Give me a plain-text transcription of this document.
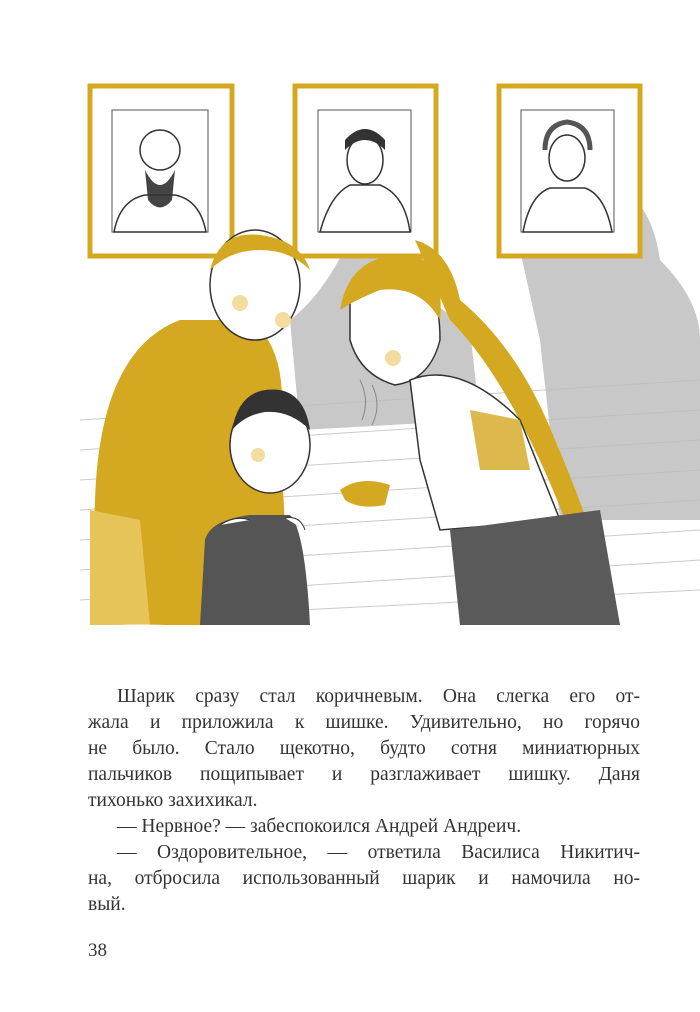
Шарик сразу стал коричневым. Она слегка его от-
жала и приложила к шишке. Удивительно, но горячо
не было. Стало щекотно, будто сотня миниатюрных
пальчиков пощипывает и разглаживает шишку. Даня
тихонько захихикал.
— Нервное? — забеспокоился Андрей Андреич.
— Оздоровительное, — ответила Василиса Никитич-
на, отбросила использованный шарик и намочила но-
вый.
38
